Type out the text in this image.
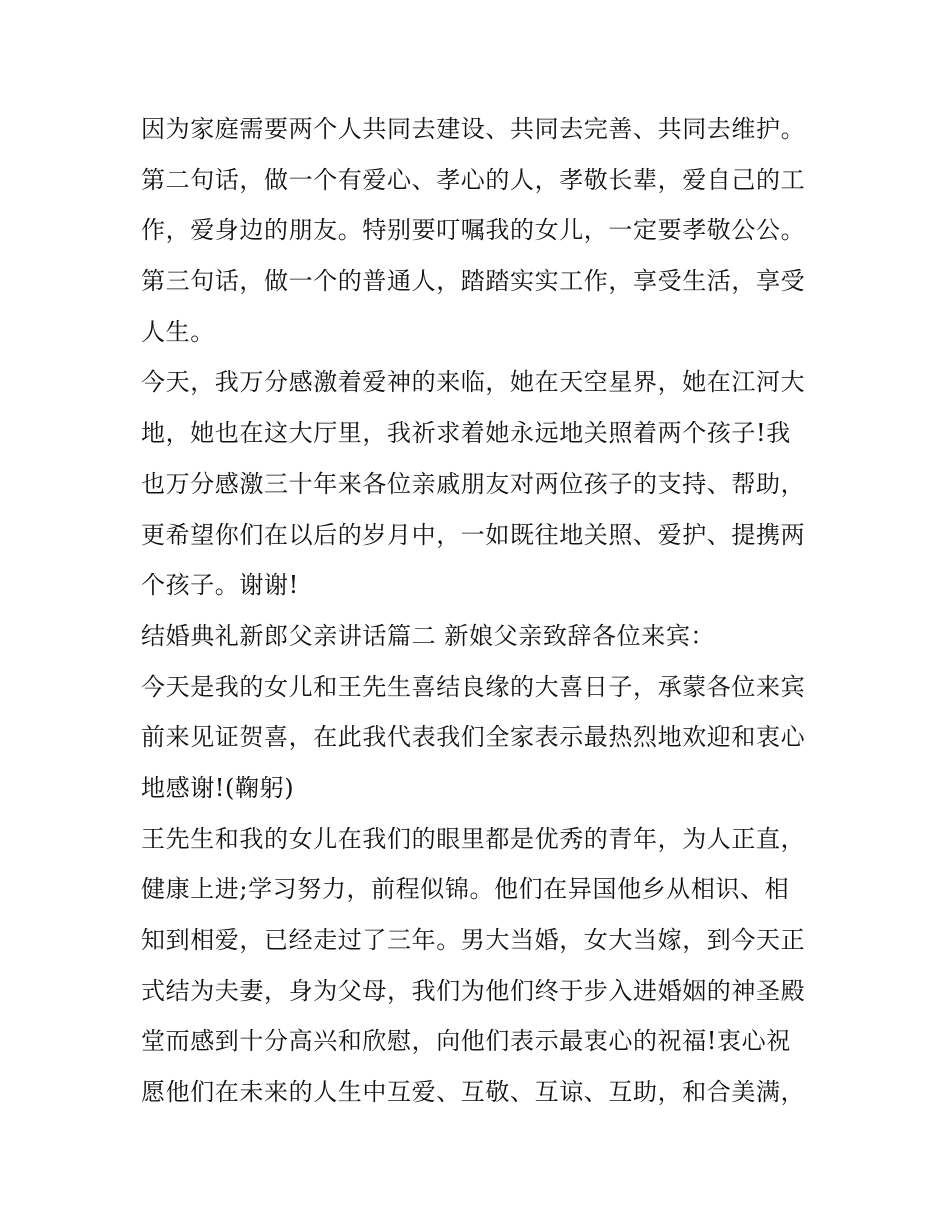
因为家庭需要两个人共同去建设、共同去完善、共同去维护。
第二句话，做一个有爱心、孝心的人，孝敬长辈，爱自己的工
作，爱身边的朋友。特别要叮嘱我的女儿，一定要孝敬公公。
第三句话，做一个的普通人，踏踏实实工作，享受生活，享受
人生。
今天，我万分感激着爱神的来临，她在天空星界，她在江河大
地，她也在这大厅里，我祈求着她永远地关照着两个孩子!我
也万分感激三十年来各位亲戚朋友对两位孩子的支持、帮助，
更希望你们在以后的岁月中，一如既往地关照、爱护、提携两
个孩子。谢谢!
结婚典礼新郎父亲讲话篇二 新娘父亲致辞各位来宾：
今天是我的女儿和王先生喜结良缘的大喜日子，承蒙各位来宾
前来见证贺喜，在此我代表我们全家表示最热烈地欢迎和衷心
地感谢!(鞠躬)
王先生和我的女儿在我们的眼里都是优秀的青年，为人正直，
健康上进;学习努力，前程似锦。他们在异国他乡从相识、相
知到相爱，已经走过了三年。男大当婚，女大当嫁，到今天正
式结为夫妻，身为父母，我们为他们终于步入进婚姻的神圣殿
堂而感到十分高兴和欣慰，向他们表示最衷心的祝福!衷心祝
愿他们在未来的人生中互爱、互敬、互谅、互助，和合美满，
